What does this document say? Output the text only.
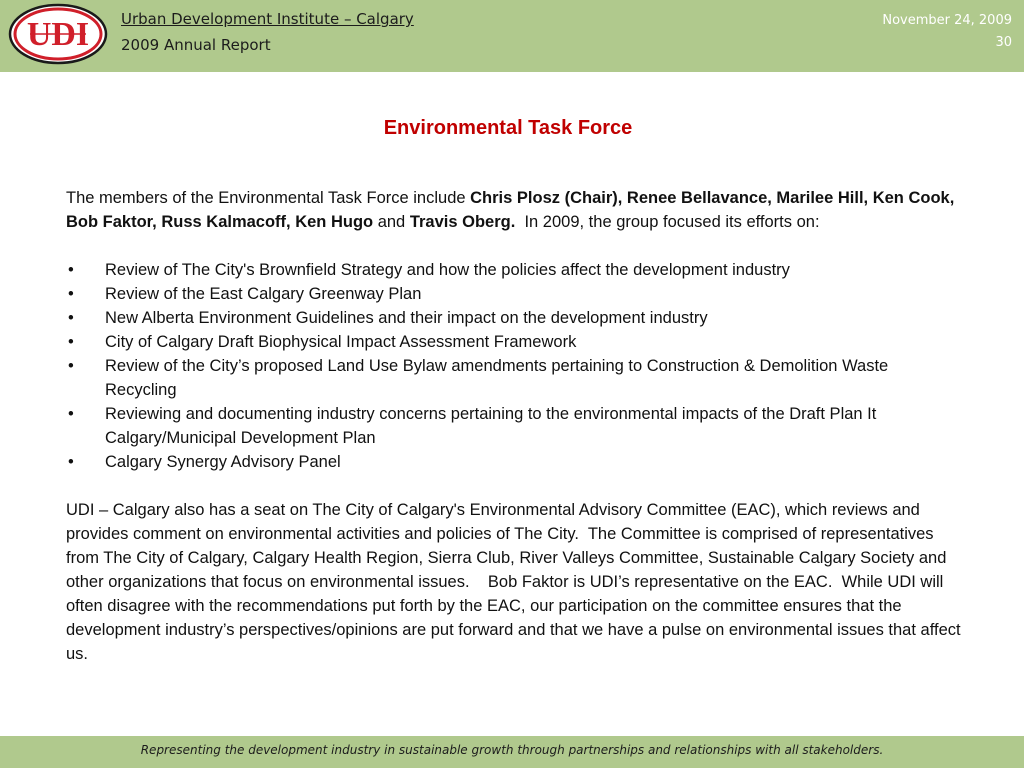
UDI Urban Development Institute – Calgary
2009 Annual Report
November 24, 2009
30
Environmental Task Force

The members of the Environmental Task Force include Chris Plosz (Chair), Renee Bellavance, Marilee Hill, Ken Cook, Bob Faktor, Russ Kalmacoff, Ken Hugo and Travis Oberg.  In 2009, the group focused its efforts on:

• Review of The City's Brownfield Strategy and how the policies affect the development industry
• Review of the East Calgary Greenway Plan
• New Alberta Environment Guidelines and their impact on the development industry
• City of Calgary Draft Biophysical Impact Assessment Framework
• Review of the City’s proposed Land Use Bylaw amendments pertaining to Construction & Demolition Waste Recycling
• Reviewing and documenting industry concerns pertaining to the environmental impacts of the Draft Plan It Calgary/Municipal Development Plan
• Calgary Synergy Advisory Panel

UDI – Calgary also has a seat on The City of Calgary's Environmental Advisory Committee (EAC), which reviews and provides comment on environmental activities and policies of The City.  The Committee is comprised of representatives from The City of Calgary, Calgary Health Region, Sierra Club, River Valleys Committee, Sustainable Calgary Society and other organizations that focus on environmental issues.    Bob Faktor is UDI’s representative on the EAC.  While UDI will often disagree with the recommendations put forth by the EAC, our participation on the committee ensures that the development industry’s perspectives/opinions are put forward and that we have a pulse on environmental issues that affect us.

Representing the development industry in sustainable growth through partnerships and relationships with all stakeholders.
